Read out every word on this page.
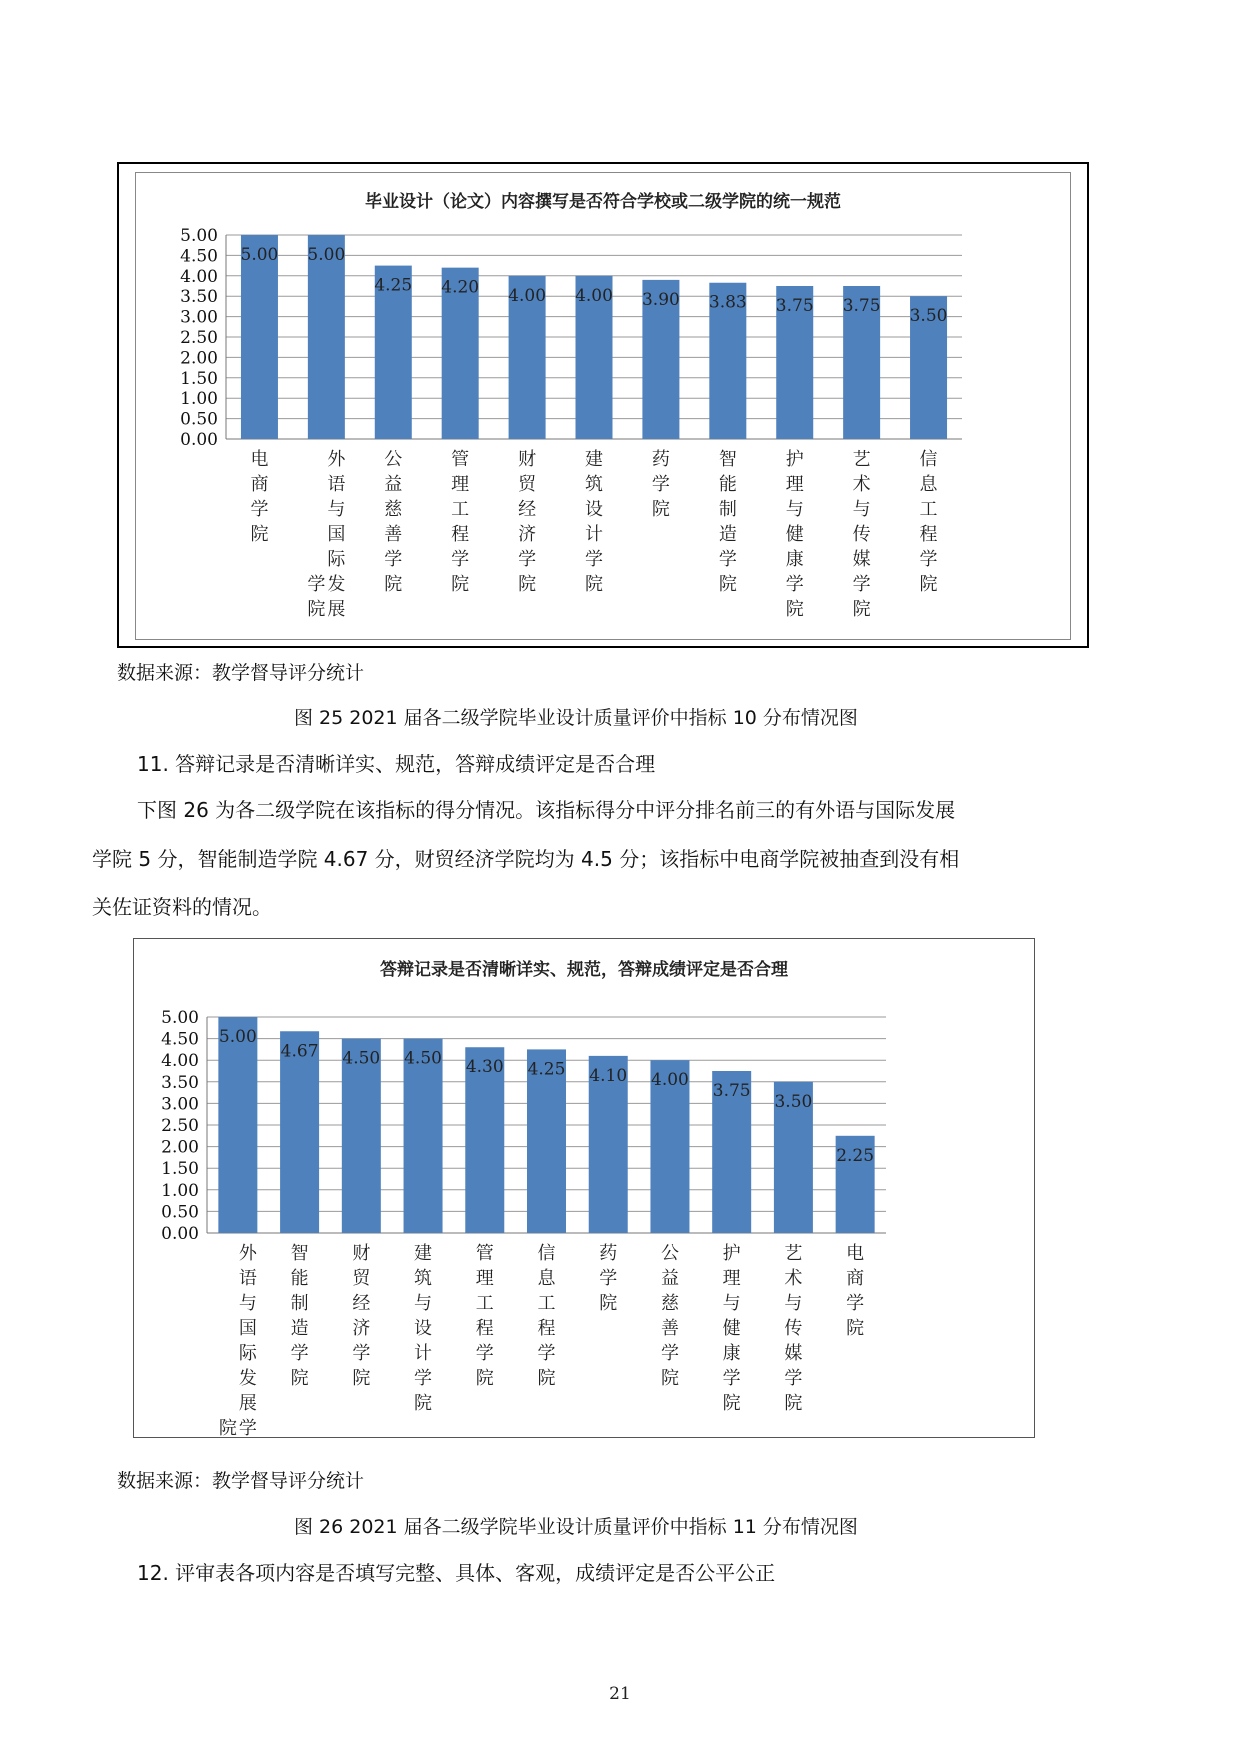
毕业设计（论文）内容撰写是否符合学校或二级学院的统一规范
5.00
4.50
4.00
3.50
3.00
2.50
2.00
1.50
1.00
0.50
0.00
5.00
电
商
学
院
5.00
外
语
与
国
际
发
展
学
院
4.25
公
益
慈
善
学
院
4.20
管
理
工
程
学
院
4.00
财
贸
经
济
学
院
4.00
建
筑
设
计
学
院
3.90
药
学
院
3.83
智
能
制
造
学
院
3.75
护
理
与
健
康
学
院
3.75
艺
术
与
传
媒
学
院
3.50
信
息
工
程
学
院
数据来源：教学督导评分统计
图 25 2021 届各二级学院毕业设计质量评价中指标 10 分布情况图
11. 答辩记录是否清晰详实、规范，答辩成绩评定是否合理
下图 26 为各二级学院在该指标的得分情况。该指标得分中评分排名前三的有外语与国际发展
学院 5 分，智能制造学院 4.67 分，财贸经济学院均为 4.5 分；该指标中电商学院被抽查到没有相
关佐证资料的情况。
答辩记录是否清晰详实、规范，答辩成绩评定是否合理
5.00
4.50
4.00
3.50
3.00
2.50
2.00
1.50
1.00
0.50
0.00
5.00
外
语
与
国
际
发
展
学
院
4.67
智
能
制
造
学
院
4.50
财
贸
经
济
学
院
4.50
建
筑
与
设
计
学
院
4.30
管
理
工
程
学
院
4.25
信
息
工
程
学
院
4.10
药
学
院
4.00
公
益
慈
善
学
院
3.75
护
理
与
健
康
学
院
3.50
艺
术
与
传
媒
学
院
2.25
电
商
学
院
数据来源：教学督导评分统计
图 26 2021 届各二级学院毕业设计质量评价中指标 11 分布情况图
12. 评审表各项内容是否填写完整、具体、客观，成绩评定是否公平公正
21
